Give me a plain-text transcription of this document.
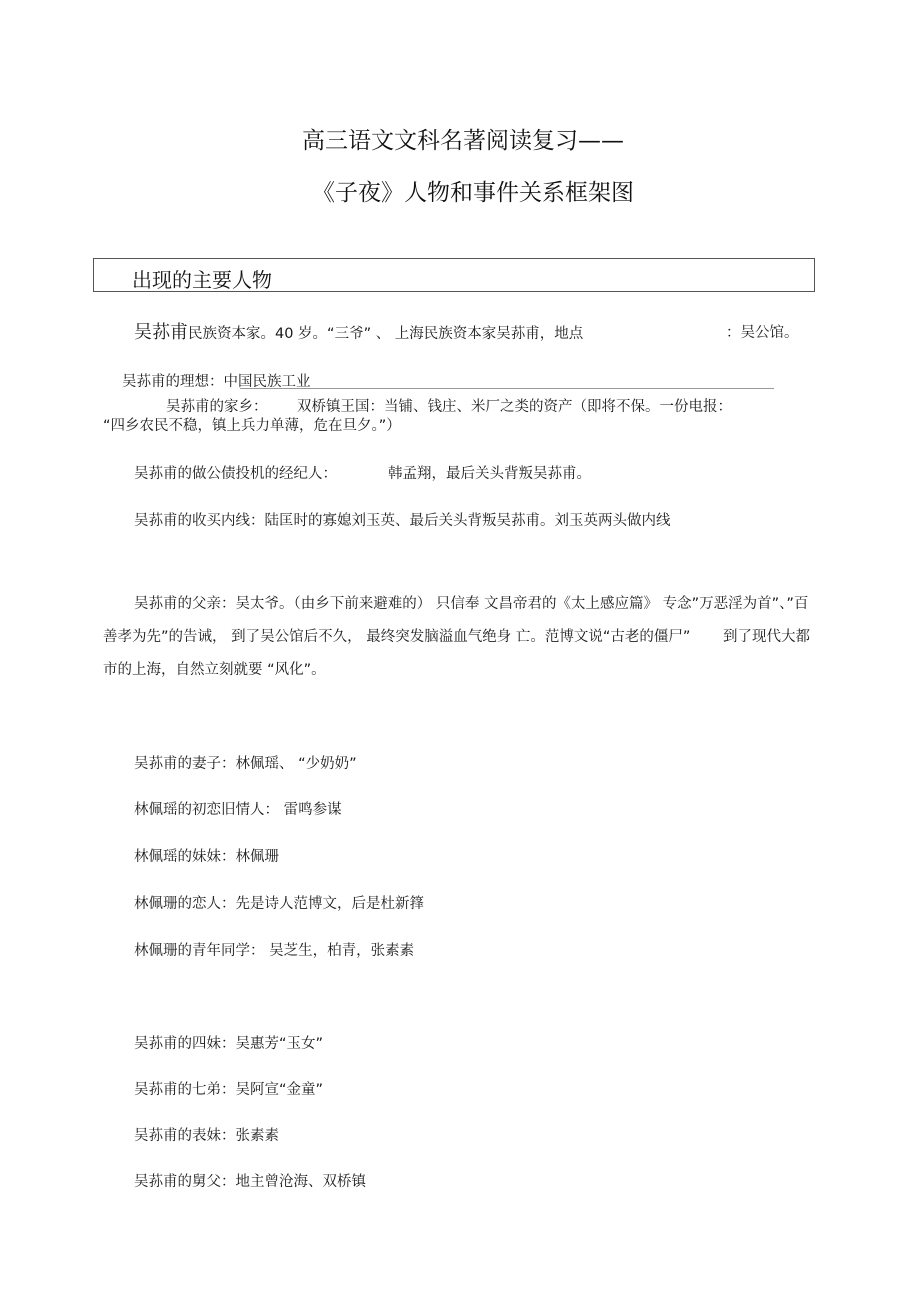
高三语文文科名著阅读复习——
《子夜》人物和事件关系框架图
出现的主要人物
吴荪甫民族资本家。40 岁。“三爷” 、 上海民族资本家吴荪甫，地点	：吴公馆。
吴荪甫的理想：中国民族工业
吴荪甫的家乡： 双桥镇王国：当铺、钱庄、米厂之类的资产（即将不保。一份电报：
“四乡农民不稳，镇上兵力单薄，危在旦夕。”）
吴荪甫的做公债投机的经纪人：	韩孟翔，最后关头背叛吴荪甫。
吴荪甫的收买内线：陆匡时的寡媳刘玉英、最后关头背叛吴荪甫。刘玉英两头做内线
吴荪甫的父亲：吴太爷。（由乡下前来避难的） 只信奉 文昌帝君的《太上感应篇》 专念”万恶淫为首”、”百
善孝为先”的告诫， 到了吴公馆后不久， 最终突发脑溢血气绝身 亡。范博文说“古老的僵尸” 到了现代大都
市的上海，自然立刻就要 “风化”。
吴荪甫的妻子：林佩瑶、 “少奶奶”
林佩瑶的初恋旧情人： 雷鸣参谋
林佩瑶的妹妹：林佩珊
林佩珊的恋人：先是诗人范博文，后是杜新箨
林佩珊的青年同学： 吴芝生，柏青，张素素
吴荪甫的四妹：吴惠芳“玉女”
吴荪甫的七弟：吴阿宣“金童”
吴荪甫的表妹：张素素
吴荪甫的舅父：地主曾沧海、双桥镇
